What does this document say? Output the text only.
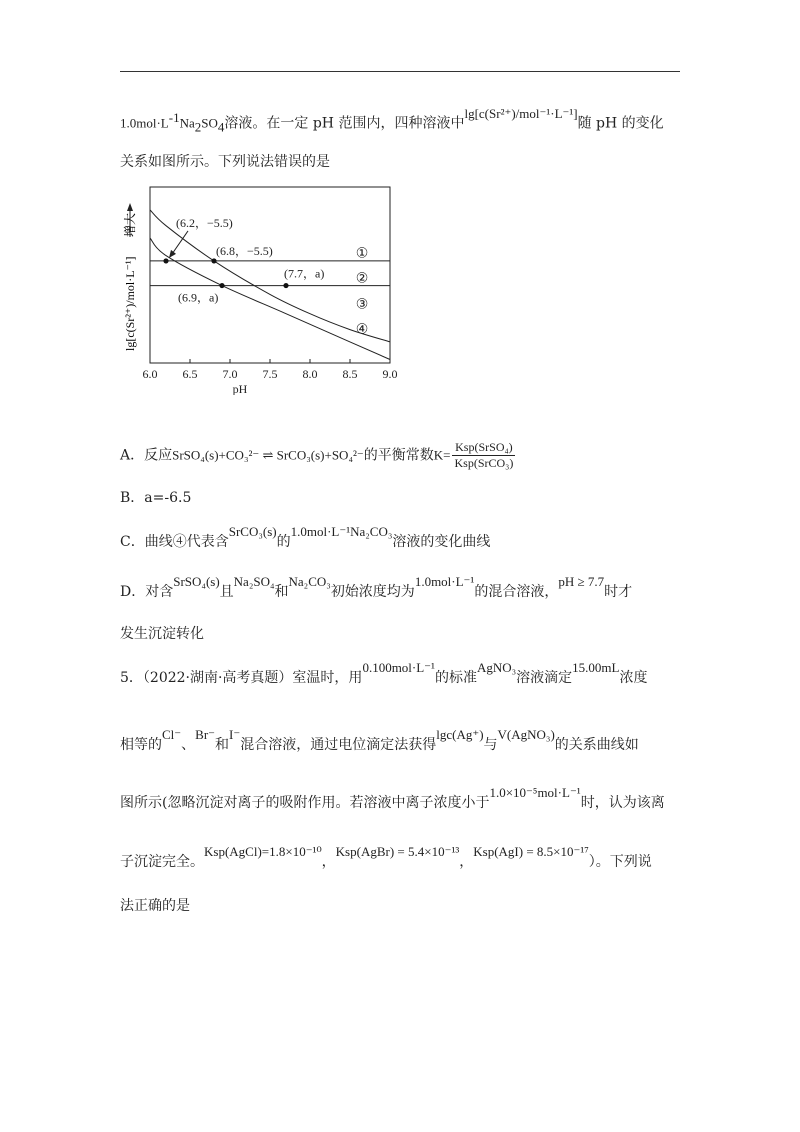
$1.0mol\cdot L^{-1}Na_2SO_4$溶液。在一定 pH 范围内，四种溶液中lg[c(Sr²⁺)/mol⁻¹·L⁻¹]随 pH 的变化
关系如图所示。下列说法错误的是
lg[c(Sr²⁺)/mol·L⁻¹]
增大
6.0 6.5 7.0 7.5 8.0 8.5 9.0
pH
(6.2，−5.5)
(6.8，−5.5)
(7.7，a)
(6.9，a)
①
②
③
④
A．反应SrSO₄(s)+CO₃²⁻ ⇌ SrCO₃(s)+SO₄²⁻的平衡常数$K= \frac{\text{Ksp(SrSO₄)}}{\text{Ksp(SrCO₃)}}$
B．a=-6.5
C．曲线④代表含SrCO₃(s)的1.0mol·L⁻¹Na₂CO₃溶液的变化曲线
D．对含SrSO₄(s)且Na₂SO₄和Na₂CO₃初始浓度均为1.0mol·L⁻¹的混合溶液，pH ≥ 7.7时才
发生沉淀转化
5．（2022·湖南·高考真题）室温时，用0.100mol·L⁻¹的标准AgNO₃溶液滴定15.00mL浓度
相等的Cl⁻、Br⁻和I⁻混合溶液，通过电位滴定法获得lgc(Ag⁺)与V(AgNO₃)的关系曲线如
图所示(忽略沉淀对离子的吸附作用。若溶液中离子浓度小于1.0×10⁻⁵mol·L⁻¹时，认为该离
子沉淀完全。Ksp(AgCl)=1.8×10⁻¹⁰，Ksp(AgBr) = 5.4×10⁻¹³，Ksp(AgI) = 8.5×10⁻¹⁷）。下列说
法正确的是
